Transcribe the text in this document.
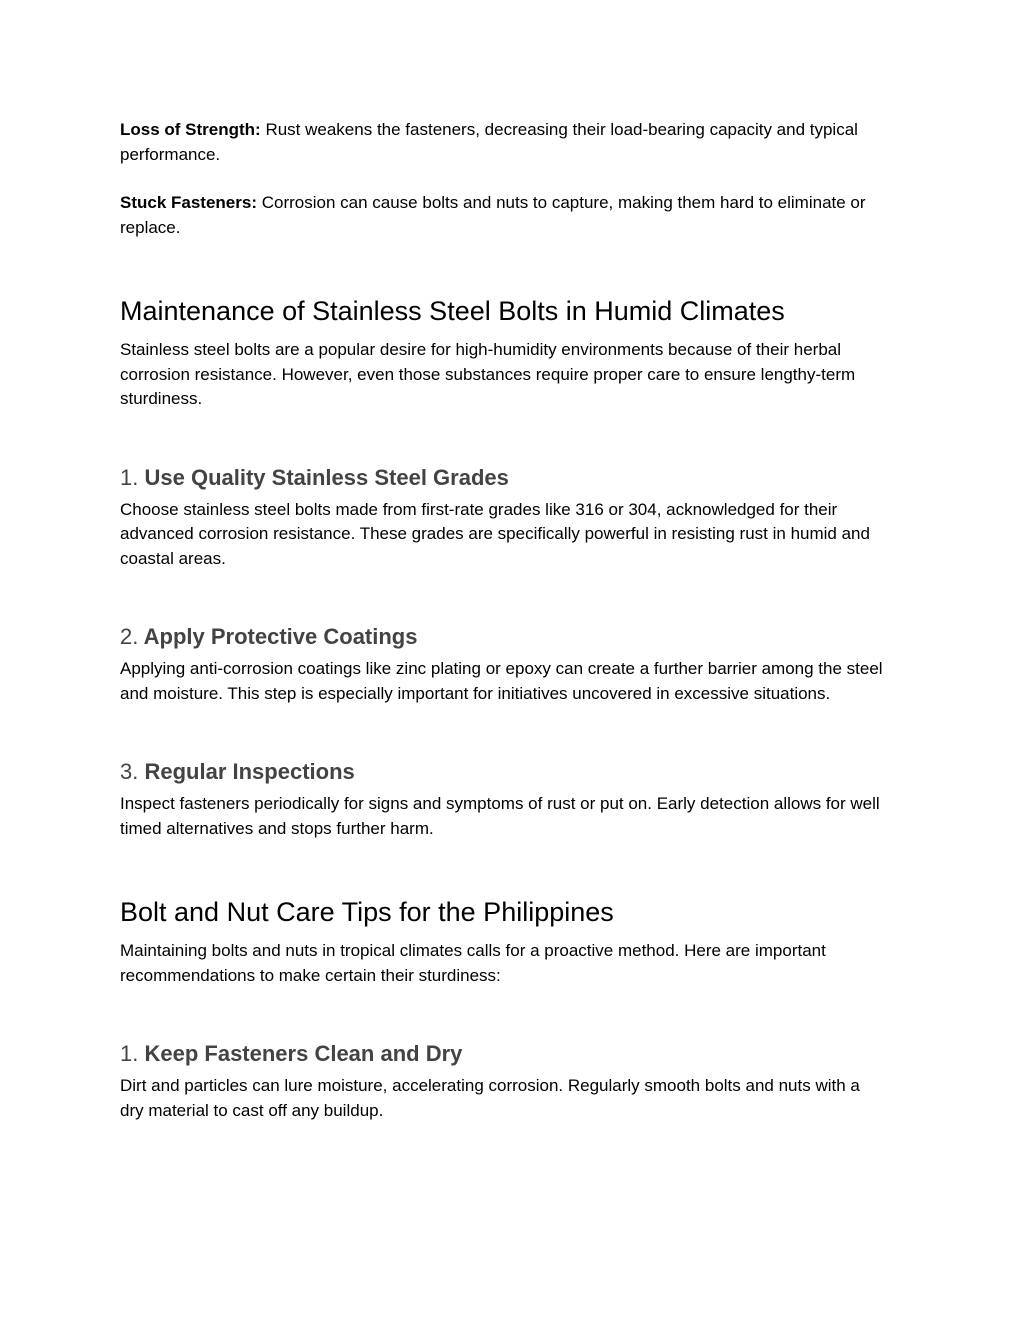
Loss of Strength: Rust weakens the fasteners, decreasing their load-bearing capacity and typical performance.

Stuck Fasteners: Corrosion can cause bolts and nuts to capture, making them hard to eliminate or replace.

Maintenance of Stainless Steel Bolts in Humid Climates

Stainless steel bolts are a popular desire for high-humidity environments because of their herbal corrosion resistance. However, even those substances require proper care to ensure lengthy-term sturdiness.

1. Use Quality Stainless Steel Grades

Choose stainless steel bolts made from first-rate grades like 316 or 304, acknowledged for their advanced corrosion resistance. These grades are specifically powerful in resisting rust in humid and coastal areas.

2. Apply Protective Coatings

Applying anti-corrosion coatings like zinc plating or epoxy can create a further barrier among the steel and moisture. This step is especially important for initiatives uncovered in excessive situations.

3. Regular Inspections

Inspect fasteners periodically for signs and symptoms of rust or put on. Early detection allows for well timed alternatives and stops further harm.

Bolt and Nut Care Tips for the Philippines

Maintaining bolts and nuts in tropical climates calls for a proactive method. Here are important recommendations to make certain their sturdiness:

1. Keep Fasteners Clean and Dry

Dirt and particles can lure moisture, accelerating corrosion. Regularly smooth bolts and nuts with a dry material to cast off any buildup.
